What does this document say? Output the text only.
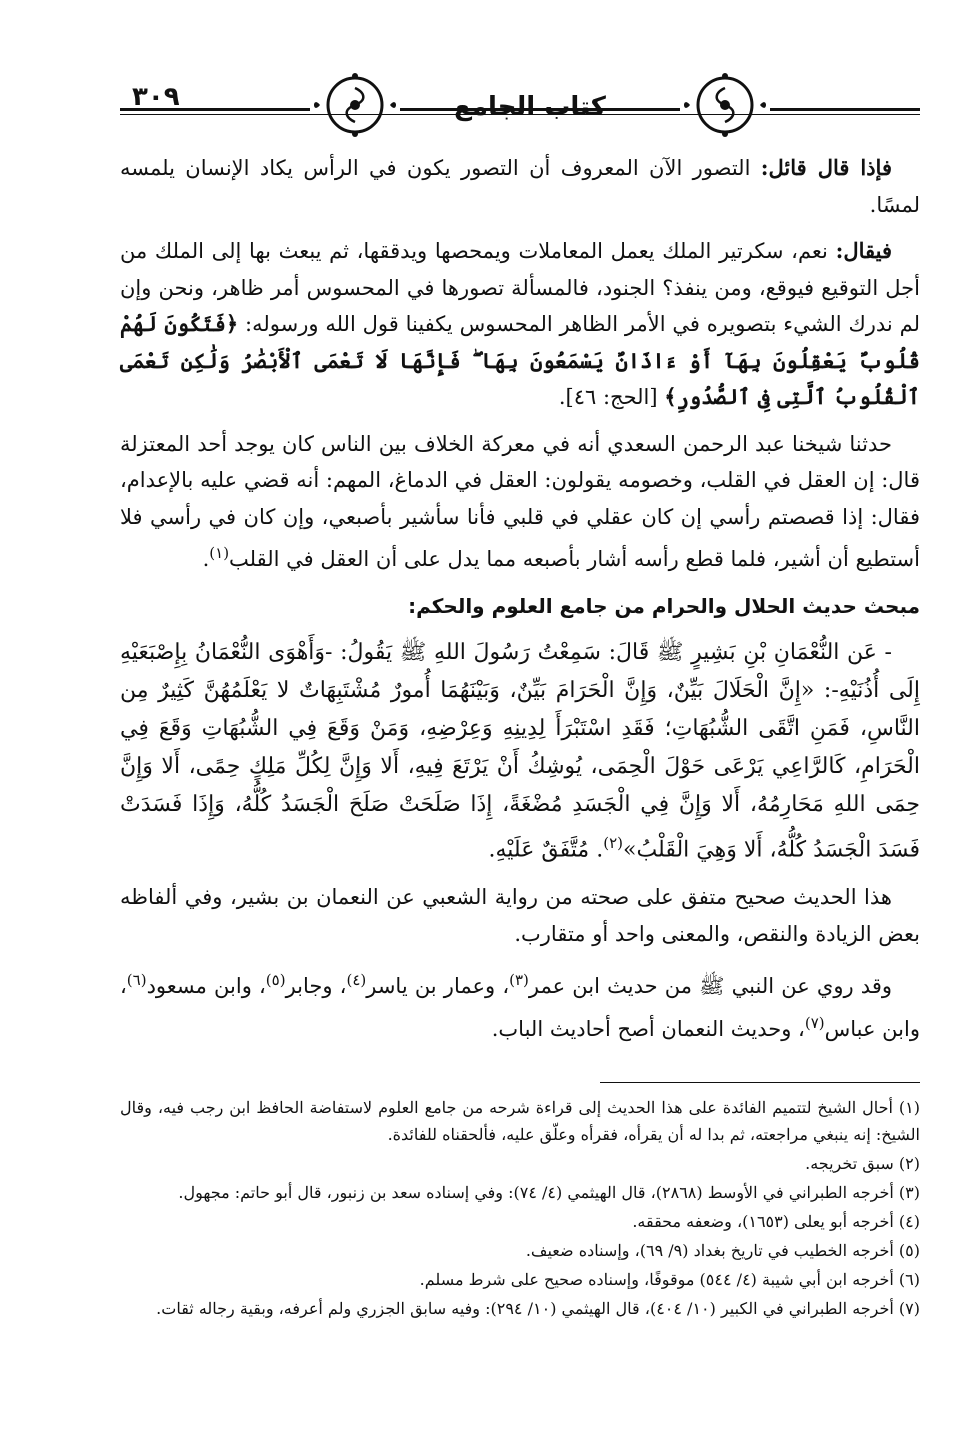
٣٠٩	كتاب الجامع

فإذا قال قائل: التصور الآن المعروف أن التصور يكون في الرأس يكاد الإنسان يلمسه لمسًا.

فيقال: نعم، سكرتير الملك يعمل المعاملات ويمحصها ويدققها، ثم يبعث بها إلى الملك من أجل التوقيع فيوقع، ومن ينفذ؟ الجنود، فالمسألة تصورها في المحسوس أمر ظاهر، ونحن وإن لم ندرك الشيء بتصويره في الأمر الظاهر المحسوس يكفينا قول الله ورسوله: ﴿فَتَكُونَ لَهُمْ قُلُوبٌ يَعْقِلُونَ بِهَآ أَوْ ءَاذَانٌ يَسْمَعُونَ بِهَا ۖ فَإِنَّهَا لَا تَعْمَى ٱلْأَبْصَٰرُ وَلَٰكِن تَعْمَى ٱلْقُلُوبُ ٱلَّتِى فِى ٱلصُّدُورِ﴾ [الحج: ٤٦].

حدثنا شيخنا عبد الرحمن السعدي أنه في معركة الخلاف بين الناس كان يوجد أحد المعتزلة قال: إن العقل في القلب، وخصومه يقولون: العقل في الدماغ، المهم: أنه قضي عليه بالإعدام، فقال: إذا قصصتم رأسي إن كان عقلي في قلبي فأنا سأشير بأصبعي، وإن كان في رأسي فلا أستطيع أن أشير، فلما قطع رأسه أشار بأصبعه مما يدل على أن العقل في القلب$^{(١)}$.

مبحث حديث الحلال والحرام من جامع العلوم والحكم:

- عَن النُّعْمَانِ بْنِ بَشِيرٍ ﷺ قَالَ: سَمِعْتُ رَسُولَ اللهِ ﷺ يَقُولُ: -وَأَهْوَى النُّعْمَانُ بِإِصْبَعَيْهِ إِلَى أُذُنَيْهِ-: «إِنَّ الْحَلَالَ بَيِّنٌ، وَإِنَّ الْحَرَامَ بَيِّنٌ، وَبَيْنَهُمَا أُمورٌ مُشْتَبِهَاتٌ لا يَعْلَمُهُنَّ كَثِيرٌ مِن النَّاسِ، فَمَنِ اتَّقَى الشُّبُهَاتِ؛ فَقَدِ اسْتَبْرَأَ لِدِينِهِ وَعِرْضِهِ، وَمَنْ وَقَعَ فِي الشُّبُهَاتِ وَقَعَ فِي الْحَرَامِ، كَالرَّاعِي يَرْعَى حَوْلَ الْحِمَى، يُوشِكُ أَنْ يَرْتَعَ فِيهِ، أَلا وَإِنَّ لِكُلِّ مَلِكٍ حِمًى، أَلا وَإِنَّ حِمَى اللهِ مَحَارِمُهُ، أَلا وَإِنَّ فِي الْجَسَدِ مُضْغَةً، إِذَا صَلَحَتْ صَلَحَ الْجَسَدُ كُلُّهُ، وَإِذَا فَسَدَتْ فَسَدَ الْجَسَدُ كُلُّهُ، أَلا وَهِيَ الْقَلْبُ»$^{(٢)}$. مُتَّفَقٌ عَلَيْهِ.

هذا الحديث صحيح متفق على صحته من رواية الشعبي عن النعمان بن بشير، وفي ألفاظه بعض الزيادة والنقص، والمعنى واحد أو متقارب.

وقد روي عن النبي ﷺ من حديث ابن عمر$^{(٣)}$، وعمار بن ياسر$^{(٤)}$، وجابر$^{(٥)}$، وابن مسعود$^{(٦)}$، وابن عباس$^{(٧)}$، وحديث النعمان أصح أحاديث الباب.

(١) أحال الشيخ لتتميم الفائدة على هذا الحديث إلى قراءة شرحه من جامع العلوم لاستفاضة الحافظ ابن رجب فيه، وقال الشيخ: إنه ينبغي مراجعته، ثم بدا له أن يقرأه، فقرأه وعلّق عليه، فألحقناه للفائدة.

(٢) سبق تخريجه.

(٣) أخرجه الطبراني في الأوسط (٢٨٦٨)، قال الهيثمي (٤/ ٧٤): وفي إسناده سعد بن زنبور، قال أبو حاتم: مجهول.

(٤) أخرجه أبو يعلى (١٦٥٣)، وضعفه محققه.

(٥) أخرجه الخطيب في تاريخ بغداد (٩/ ٦٩)، وإسناده ضعيف.

(٦) أخرجه ابن أبي شيبة (٤/ ٥٤٤) موقوفًا، وإسناده صحيح على شرط مسلم.

(٧) أخرجه الطبراني في الكبير (١٠/ ٤٠٤)، قال الهيثمي (١٠/ ٢٩٤): وفيه سابق الجزري ولم أعرفه، وبقية رجاله ثقات.
